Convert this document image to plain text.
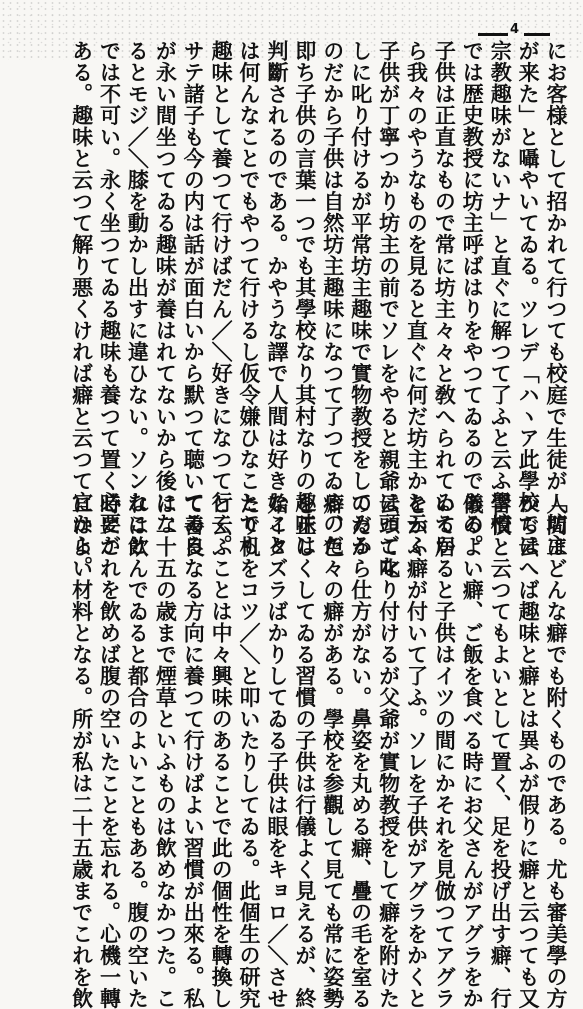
4
にお客様として招かれて行つても校庭で生徒が「坊主
が来た」と囁やいてゐる。ツレデ「ハヽア此學校では
宗教趣味がないナ」と直ぐに解つて了ふと云ふ學校
では歴史教授に坊主呼ばはりをやつてゐるのである。
子供は正直なもので常に坊主々々と敎へられてゐるか
ら我々のやうなものを見ると直ぐに何だ坊主かと云ふ
子供が丁寧つかり坊主の前でソレをやると親爺は頭ごな
しに叱り付けるが平常坊主趣味で實物教授をしてゐる
のだから子供は自然坊主趣味になつて了つてゐるのだ
即ち子供の言葉一つでも其學校なり其村なりの趣味は
判斷されるのである。かやうな譯で人間は好きなこと
は何んなことでもやつて行けるし仮令嫌ひなことでも
趣味として養つて行けばだん／＼好きになつて行く。
サテ諸子も今の内は話が面白いから默つて聴いてゐる
が永い間坐つてゐる趣味が養はれてないから後にな
るとモジ／＼膝を動かし出すに違ひない。ソンなこと
では不可い。永く坐つてゐる趣味も養つて置く必要が
ある。趣味と云つて解り悪くければ癖と云つて宜から。
人間はどんな癖でも附くものである。尤も審美學の方
から云へば趣味と癖とは異ふが假りに癖と云つても又
習慣と云つてもよいとして置く、足を投げ出す癖、行
儀のよい癖、ご飯を食べる時にお父さんがアグラをか
いて居ると子供はイツの間にかそれを見倣つてアグラ
をかく癖が付いて了ふ。ソレを子供がアグラをかくと
云つて叱り付けるが父爺が實物教授をして癖を附けた
のだから仕方がない。鼻姿を丸める癖、疊の毛を室る
癖、色々の癖がある。學校を参觀して見ても常に姿勢
を正しくしてゐる習慣の子供は行儀よく見えるが、終
始イタズラばかりしてゐる子供は眼をキョロ／＼させ
たり机をコツ／＼と叩いたりしてゐる。此個生の研究
と云ふことは中々興味のあることで此の個性を轉換し
て善良なる方向に養つて行けばよい習慣が出來る。私
は二十五の歳まで煙草といふものは飲めなかつた。こ
れは飲んでゐると都合のよいこともある。腹の空いた
時にこれを飲めば腹の空いたことを忘れる。心機一轉
にはよい材料となる。所が私は二十五歳までこれを飲
